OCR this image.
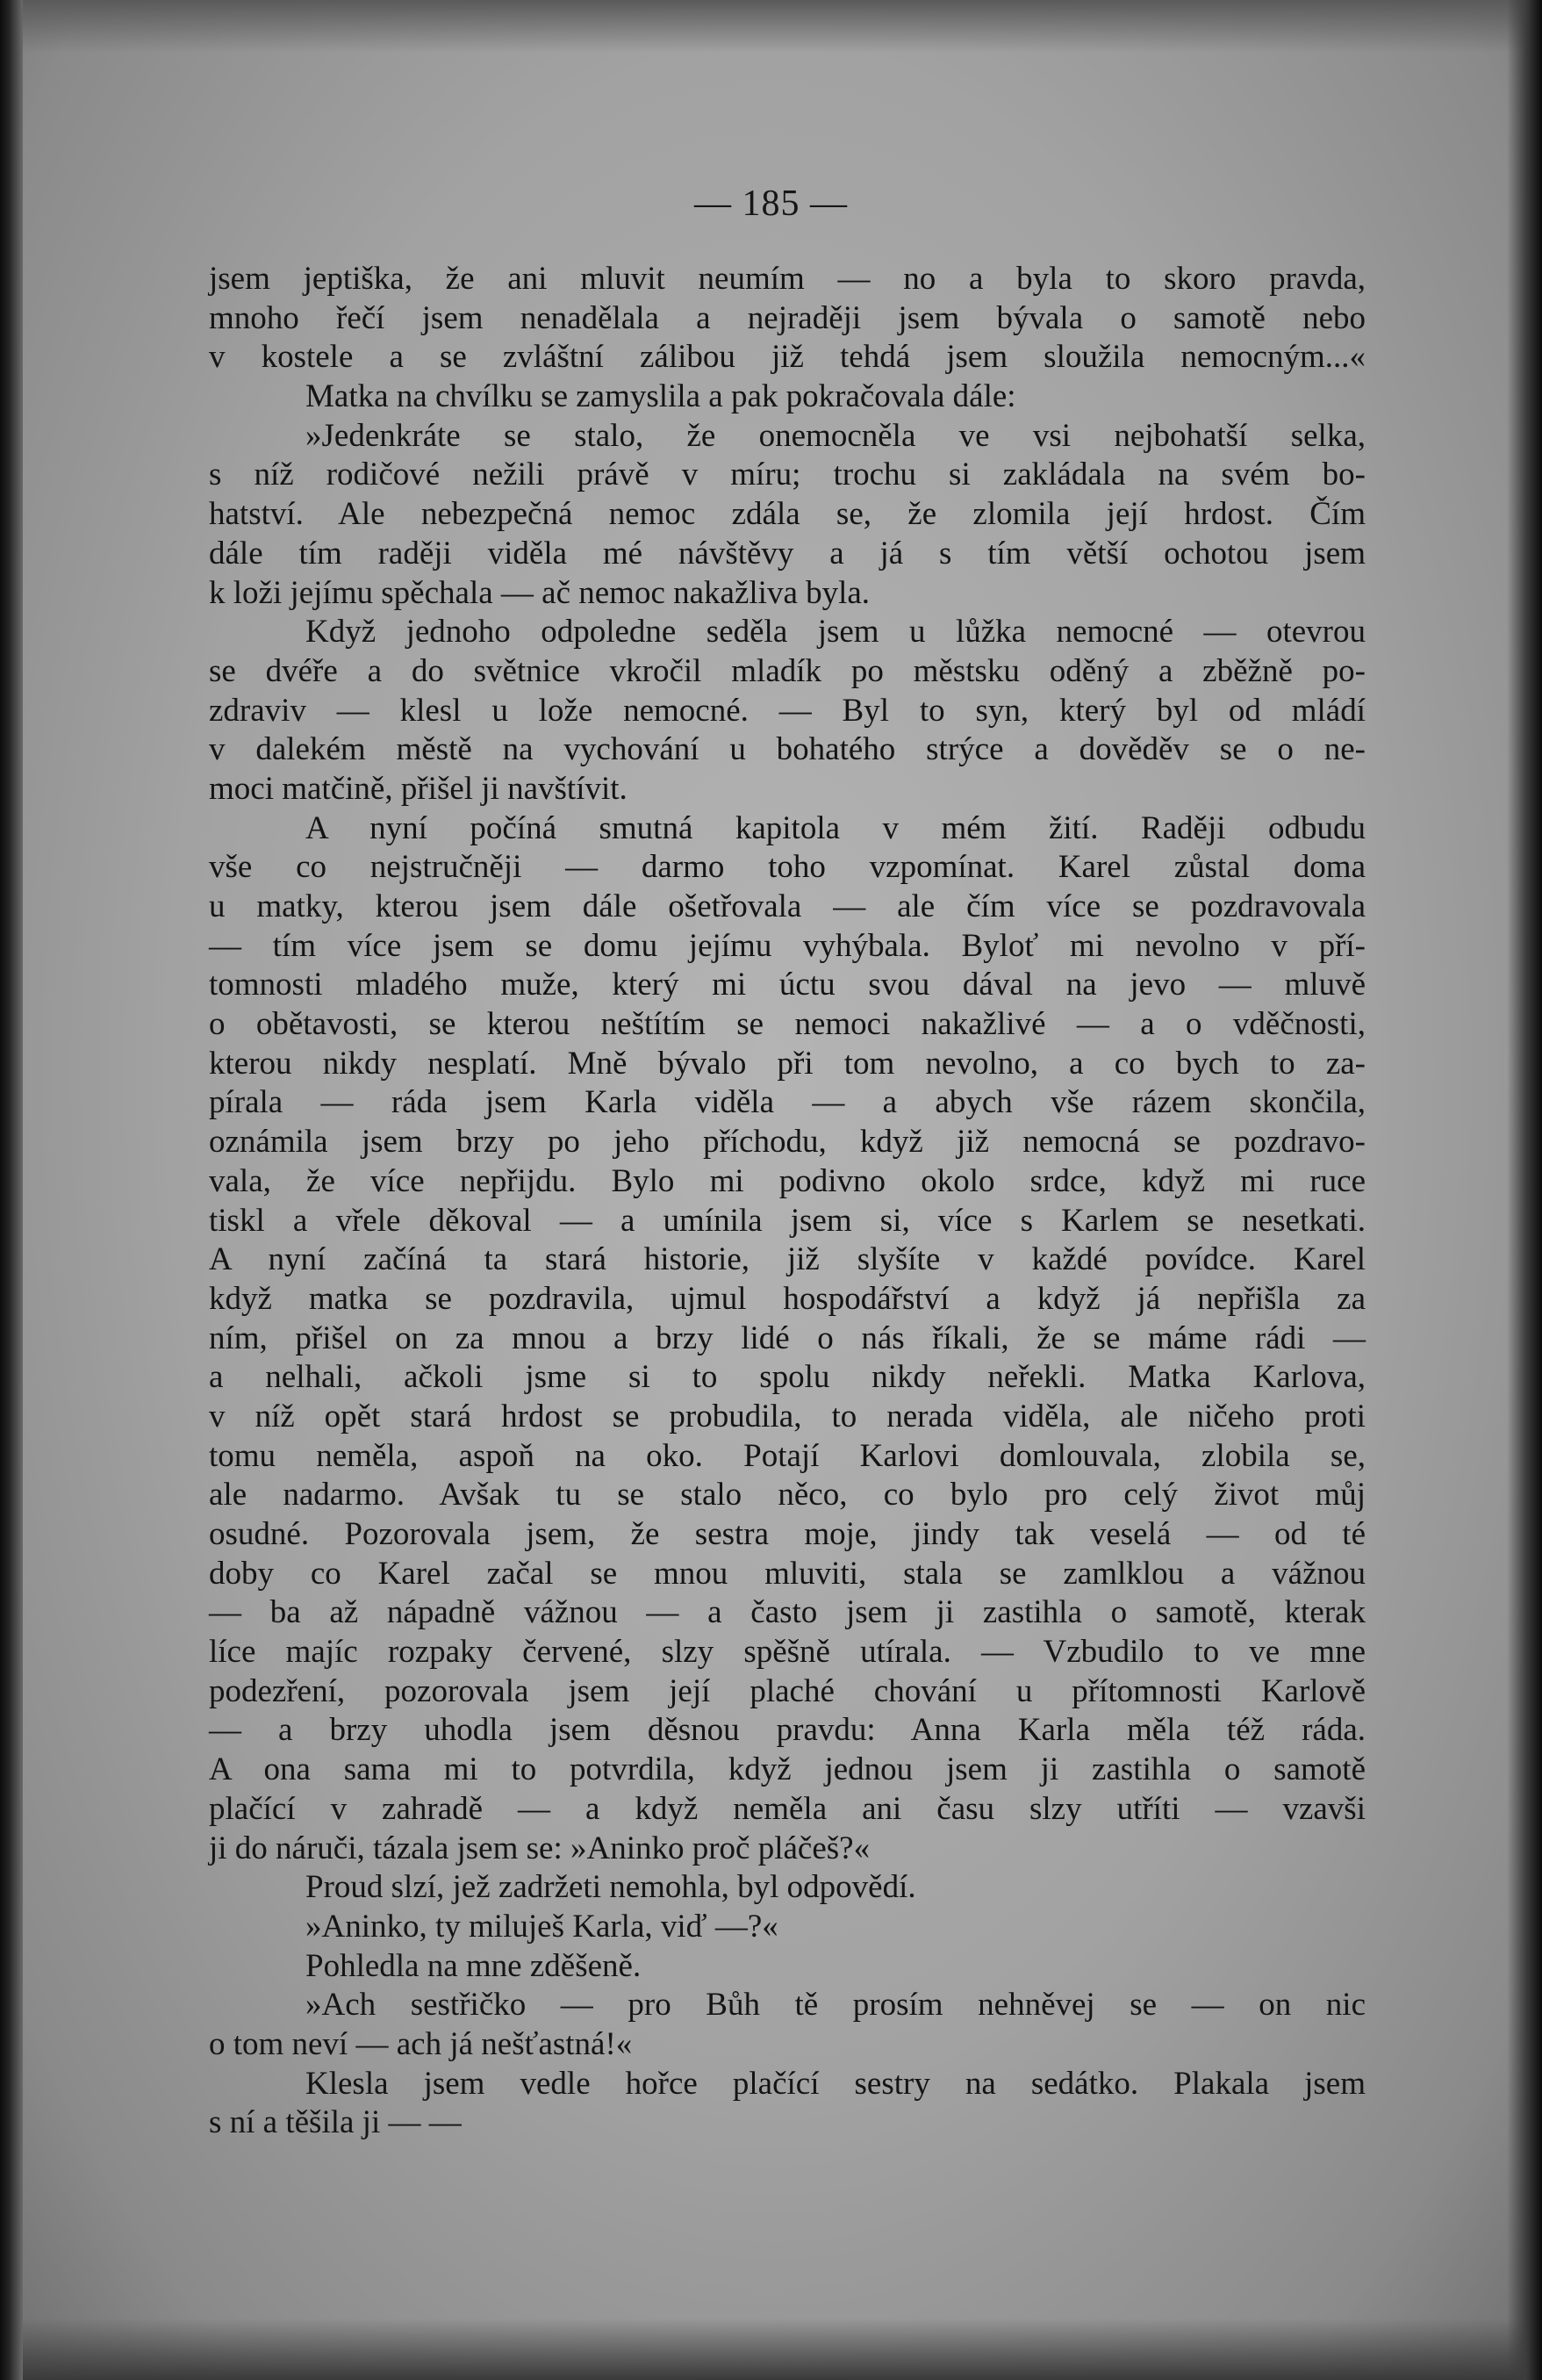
— 185 —
jsem jeptiška, že ani mluvit neumím — no a byla to skoro pravda,
mnoho řečí jsem nenadělala a nejraději jsem bývala o samotě nebo
v kostele a se zvláštní zálibou již tehdá jsem sloužila nemocným...«
Matka na chvílku se zamyslila a pak pokračovala dále:
»Jedenkráte se stalo, že onemocněla ve vsi nejbohatší selka,
s níž rodičové nežili právě v míru; trochu si zakládala na svém bo-
hatství. Ale nebezpečná nemoc zdála se, že zlomila její hrdost. Čím
dále tím raději viděla mé návštěvy a já s tím větší ochotou jsem
k loži jejímu spěchala — ač nemoc nakažliva byla.
Když jednoho odpoledne seděla jsem u lůžka nemocné — otevrou
se dvéře a do světnice vkročil mladík po městsku oděný a zběžně po-
zdraviv — klesl u lože nemocné. — Byl to syn, který byl od mládí
v dalekém městě na vychování u bohatého strýce a dověděv se o ne-
moci matčině, přišel ji navštívit.
A nyní počíná smutná kapitola v mém žití. Raději odbudu
vše co nejstručněji — darmo toho vzpomínat. Karel zůstal doma
u matky, kterou jsem dále ošetřovala — ale čím více se pozdravovala
— tím více jsem se domu jejímu vyhýbala. Byloť mi nevolno v pří-
tomnosti mladého muže, který mi úctu svou dával na jevo — mluvě
o obětavosti, se kterou neštítím se nemoci nakažlivé — a o vděčnosti,
kterou nikdy nesplatí. Mně bývalo při tom nevolno, a co bych to za-
pírala — ráda jsem Karla viděla — a abych vše rázem skončila,
oznámila jsem brzy po jeho příchodu, když již nemocná se pozdravo-
vala, že více nepřijdu. Bylo mi podivno okolo srdce, když mi ruce
tiskl a vřele děkoval — a umínila jsem si, více s Karlem se nesetkati.
A nyní začíná ta stará historie, již slyšíte v každé povídce. Karel
když matka se pozdravila, ujmul hospodářství a když já nepřišla za
ním, přišel on za mnou a brzy lidé o nás říkali, že se máme rádi —
a nelhali, ačkoli jsme si to spolu nikdy neřekli. Matka Karlova,
v níž opět stará hrdost se probudila, to nerada viděla, ale ničeho proti
tomu neměla, aspoň na oko. Potají Karlovi domlouvala, zlobila se,
ale nadarmo. Avšak tu se stalo něco, co bylo pro celý život můj
osudné. Pozorovala jsem, že sestra moje, jindy tak veselá — od té
doby co Karel začal se mnou mluviti, stala se zamlklou a vážnou
— ba až nápadně vážnou — a často jsem ji zastihla o samotě, kterak
líce majíc rozpaky červené, slzy spěšně utírala. — Vzbudilo to ve mne
podezření, pozorovala jsem její plaché chování u přítomnosti Karlově
— a brzy uhodla jsem děsnou pravdu: Anna Karla měla též ráda.
A ona sama mi to potvrdila, když jednou jsem ji zastihla o samotě
plačící v zahradě — a když neměla ani času slzy utříti — vzavši
ji do náruči, tázala jsem se: »Aninko proč pláčeš?«
Proud slzí, jež zadržeti nemohla, byl odpovědí.
»Aninko, ty miluješ Karla, viď —?«
Pohledla na mne zděšeně.
»Ach sestřičko — pro Bůh tě prosím nehněvej se — on nic
o tom neví — ach já nešťastná!«
Klesla jsem vedle hořce plačící sestry na sedátko. Plakala jsem
s ní a těšila ji — —
